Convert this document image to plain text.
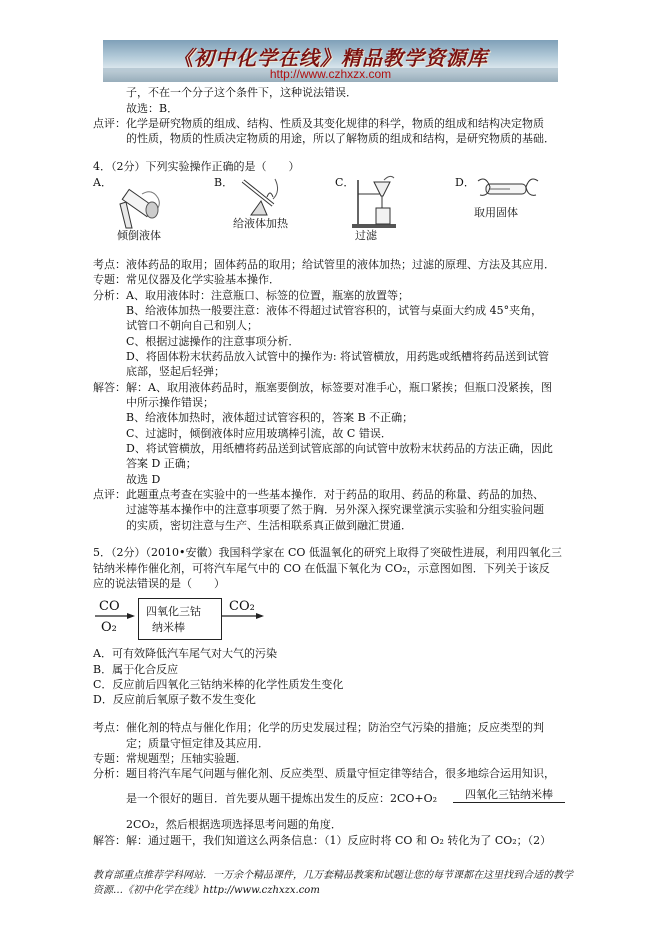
《初中化学在线》精品教学资源库
http://www.czhxzx.com
子，不在一个分子这个条件下，这种说法错误．
故选：B．
点评： 化学是研究物质的组成、结构、性质及其变化规律的科学，物质的组成和结构决定物质
的性质，物质的性质决定物质的用途，所以了解物质的组成和结构，是研究物质的基础．
4．（2分）下列实验操作正确的是（　　）
A．	B．	C．	D．
倾倒液体
给液体加热
过滤
取用固体
考点： 液体药品的取用；固体药品的取用；给试管里的液体加热；过滤的原理、方法及其应用．
专题： 常见仪器及化学实验基本操作．
分析： A、取用液体时：注意瓶口、标签的位置，瓶塞的放置等；
B、给液体加热一般要注意：液体不得超过试管容积的，试管与桌面大约成 45°夹角，
试管口不朝向自己和别人；
C、根据过滤操作的注意事项分析．
D、将固体粉末状药品放入试管中的操作为: 将试管横放，用药匙或纸槽将药品送到试管
底部，竖起后轻弹；
解答： 解：A、取用液体药品时，瓶塞要倒放，标签要对准手心，瓶口紧挨；但瓶口没紧挨，图
中所示操作错误；
B、给液体加热时，液体超过试管容积的，答案 B 不正确；
C、过滤时，倾倒液体时应用玻璃棒引流，故 C 错误．
D、将试管横放，用纸槽将药品送到试管底部的向试管中放粉末状药品的方法正确，因此
答案 D 正确；
故选 D
点评： 此题重点考查在实验中的一些基本操作．对于药品的取用、药品的称量、药品的加热、
过滤等基本操作中的注意事项要了然于胸．另外深入探究课堂演示实验和分组实验问题
的实质，密切注意与生产、生活相联系真正做到融汇贯通．
5．（2分）（2010•安徽）我国科学家在 CO 低温氧化的研究上取得了突破性进展，利用四氧化三
钴纳米棒作催化剂，可将汽车尾气中的 CO 在低温下氧化为 CO₂，示意图如图．下列关于该反
应的说法错误的是（　　）
CO
O₂
四氧化三钴
纳米棒
CO₂
A．可有效降低汽车尾气对大气的污染
B．属于化合反应
C．反应前后四氧化三钴纳米棒的化学性质发生变化
D．反应前后氧原子数不发生变化
考点： 催化剂的特点与催化作用；化学的历史发展过程；防治空气污染的措施；反应类型的判
定；质量守恒定律及其应用．
专题： 常规题型；压轴实验题．
分析： 题目将汽车尾气问题与催化剂、反应类型、质量守恒定律等结合，很多地综合运用知识，
是一个很好的题目．首先要从题干提炼出发生的反应：2CO+O₂	四氧化三钴纳米棒
2CO₂，然后根据选项选择思考问题的角度．
解答： 解：通过题干，我们知道这么两条信息：（1）反应时将 CO 和 O₂ 转化为了 CO₂；（2）
教育部重点推荐学科网站．一万余个精品课件，几万套精品教案和试题让您的每节课都在这里找到合适的教学
资源…《初中化学在线》http://www.czhxzx.com
